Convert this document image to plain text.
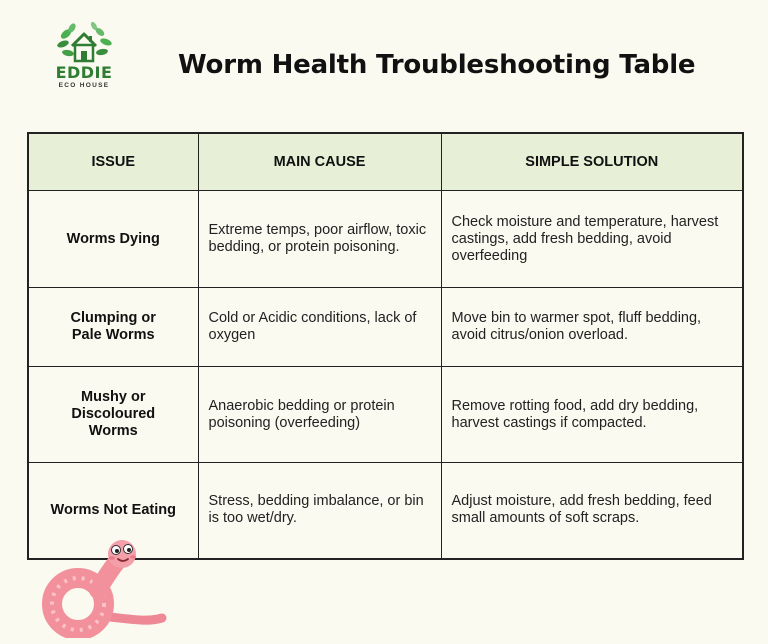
EDDIE
ECO HOUSE
Worm Health Troubleshooting Table
ISSUE	MAIN CAUSE	SIMPLE SOLUTION
Worms Dying	Extreme temps, poor airflow, toxic bedding, or protein poisoning.	Check moisture and temperature, harvest castings, add fresh bedding, avoid overfeeding
Clumping or Pale Worms	Cold or Acidic conditions, lack of oxygen	Move bin to warmer spot, fluff bedding, avoid citrus/onion overload.
Mushy or Discoloured Worms	Anaerobic bedding or protein poisoning (overfeeding)	Remove rotting food, add dry bedding, harvest castings if compacted.
Worms Not Eating	Stress, bedding imbalance, or bin is too wet/dry.	Adjust moisture, add fresh bedding, feed small amounts of soft scraps.
